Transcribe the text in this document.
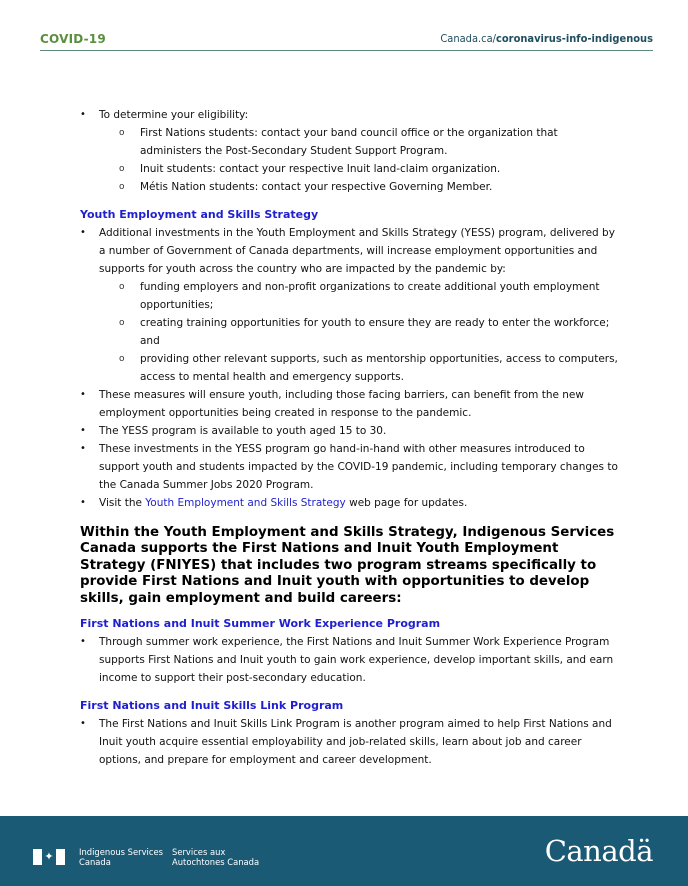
COVID-19	Canada.ca/coronavirus-info-indigenous
• To determine your eligibility:
o First Nations students: contact your band council office or the organization that administers the Post-Secondary Student Support Program.
o Inuit students: contact your respective Inuit land-claim organization.
o Métis Nation students: contact your respective Governing Member.
Youth Employment and Skills Strategy
• Additional investments in the Youth Employment and Skills Strategy (YESS) program, delivered by a number of Government of Canada departments, will increase employment opportunities and supports for youth across the country who are impacted by the pandemic by:
o funding employers and non-profit organizations to create additional youth employment opportunities;
o creating training opportunities for youth to ensure they are ready to enter the workforce; and
o providing other relevant supports, such as mentorship opportunities, access to computers, access to mental health and emergency supports.
• These measures will ensure youth, including those facing barriers, can benefit from the new employment opportunities being created in response to the pandemic.
• The YESS program is available to youth aged 15 to 30.
• These investments in the YESS program go hand-in-hand with other measures introduced to support youth and students impacted by the COVID-19 pandemic, including temporary changes to the Canada Summer Jobs 2020 Program.
• Visit the Youth Employment and Skills Strategy web page for updates.
Within the Youth Employment and Skills Strategy, Indigenous Services Canada supports the First Nations and Inuit Youth Employment Strategy (FNIYES) that includes two program streams specifically to provide First Nations and Inuit youth with opportunities to develop skills, gain employment and build careers:
First Nations and Inuit Summer Work Experience Program
• Through summer work experience, the First Nations and Inuit Summer Work Experience Program supports First Nations and Inuit youth to gain work experience, develop important skills, and earn income to support their post-secondary education.
First Nations and Inuit Skills Link Program
• The First Nations and Inuit Skills Link Program is another program aimed to help First Nations and Inuit youth acquire essential employability and job-related skills, learn about job and career options, and prepare for employment and career development.
✦	Indigenous Services
Canada
Services aux
Autochtones Canada	Canadä
